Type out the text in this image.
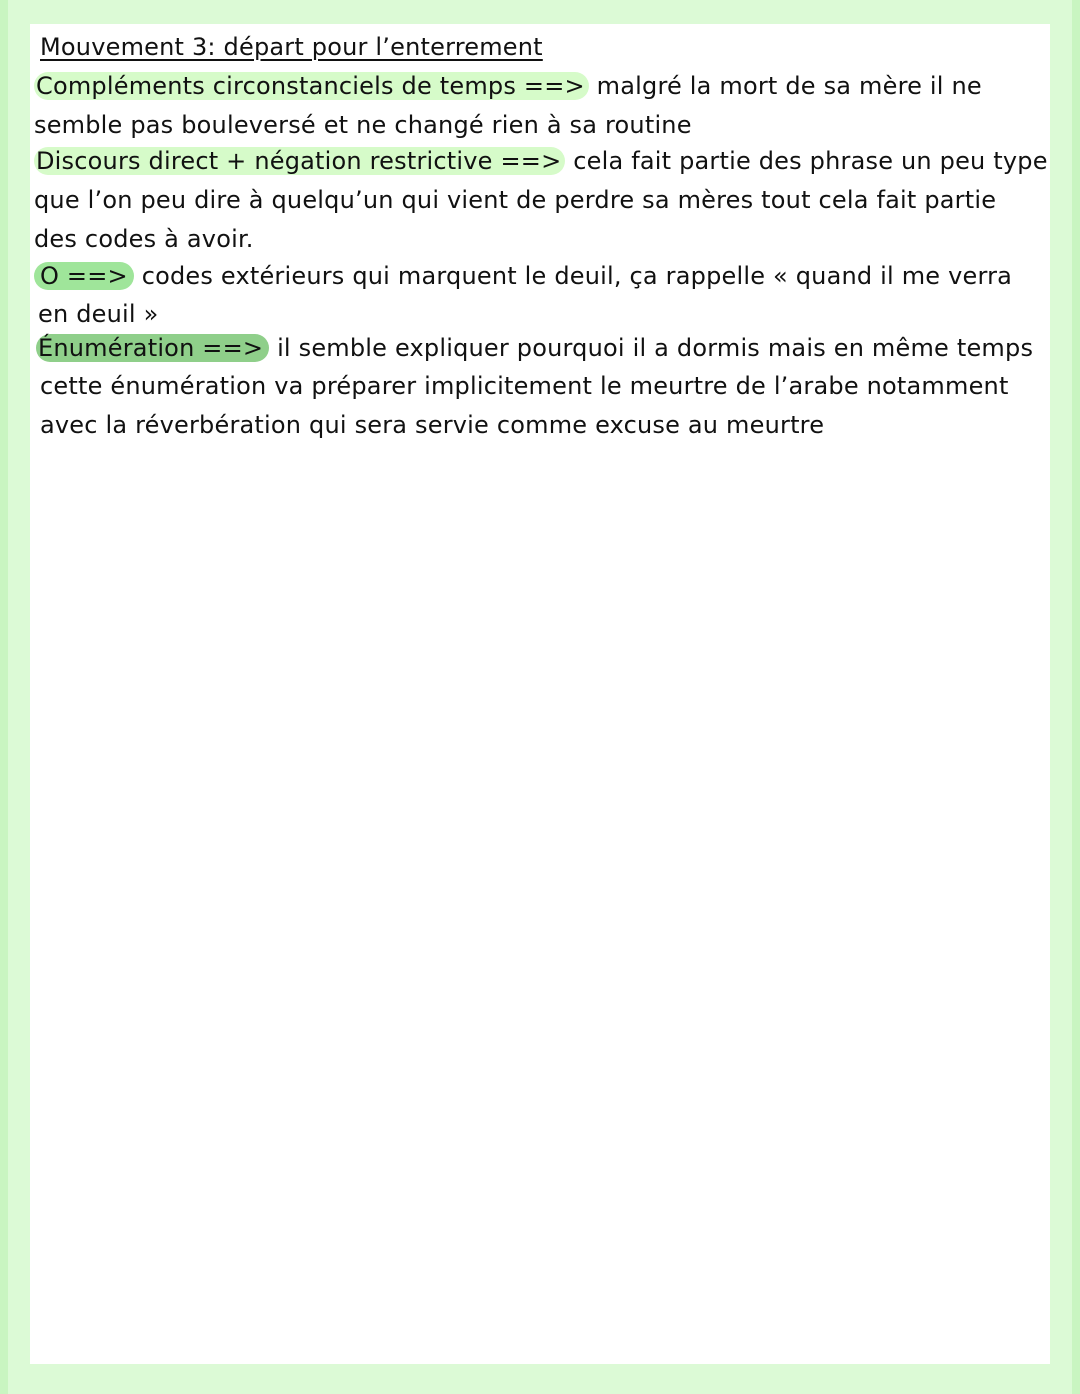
Mouvement 3: départ pour l’enterrement
Compléments circonstanciels de temps ==> malgré la mort de sa mère il ne
semble pas bouleversé et ne changé rien à sa routine
Discours direct + négation restrictive ==> cela fait partie des phrase un peu type
que l’on peu dire à quelqu’un qui vient de perdre sa mères tout cela fait partie
des codes à avoir.
O ==> codes extérieurs qui marquent le deuil, ça rappelle « quand il me verra
en deuil »
Énumération ==> il semble expliquer pourquoi il a dormis mais en même temps
cette énumération va préparer implicitement le meurtre de l’arabe notamment
avec la réverbération qui sera servie comme excuse au meurtre
